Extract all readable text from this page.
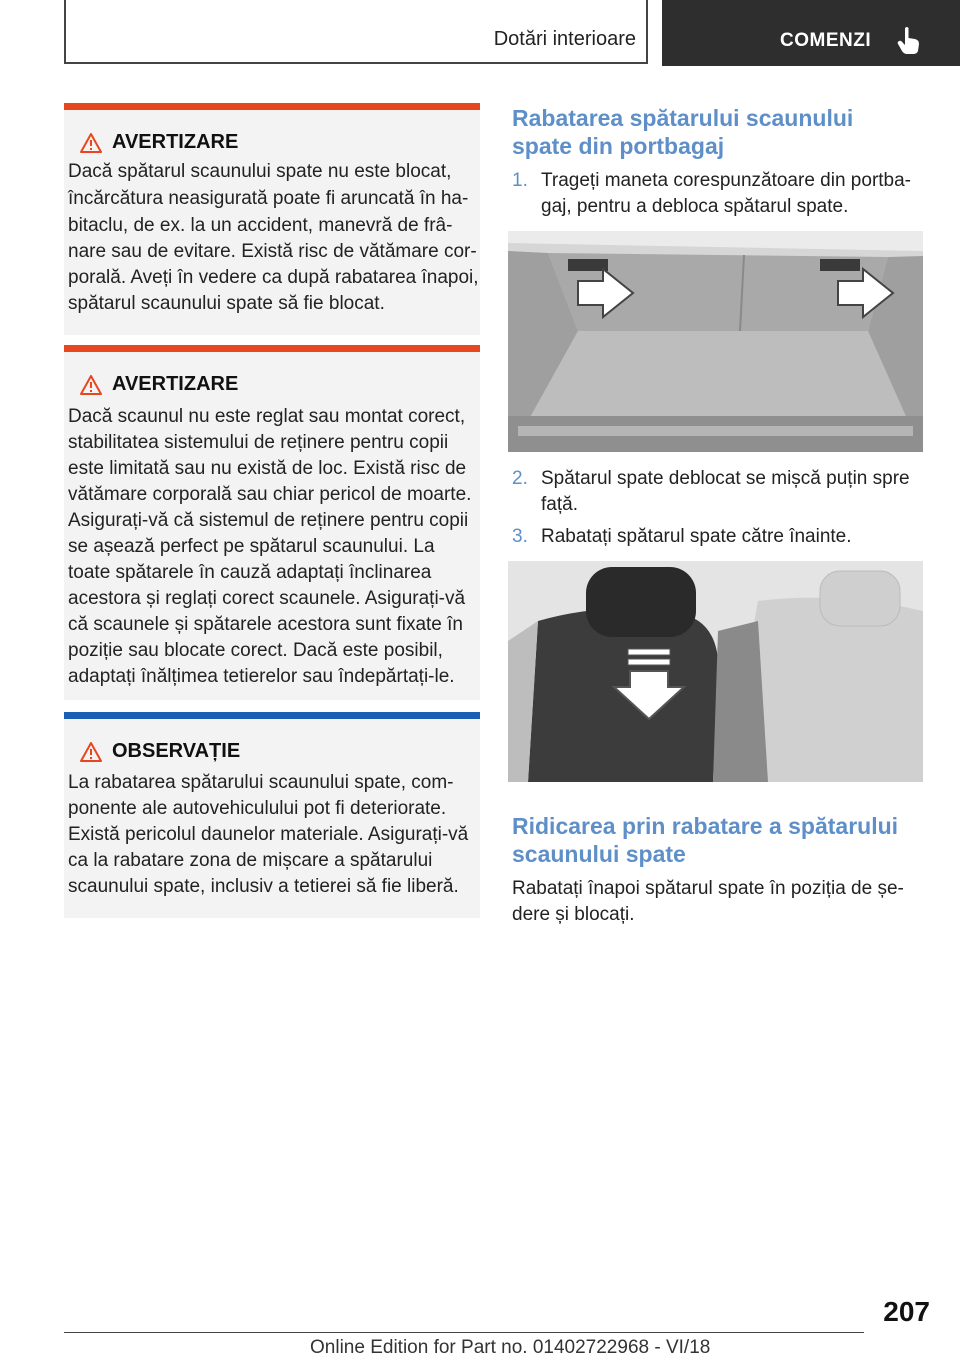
Dotări interioare	COMENZI
AVERTIZARE
Dacă spătarul scaunului spate nu este blocat,
încărcătura neasigurată poate fi aruncată în ha‐
bitaclu, de ex. la un accident, manevră de frâ‐
nare sau de evitare. Există risc de vătămare cor‐
porală. Aveți în vedere ca după rabatarea înapoi,
spătarul scaunului spate să fie blocat.
AVERTIZARE
Dacă scaunul nu este reglat sau montat corect,
stabilitatea sistemului de reținere pentru copii
este limitată sau nu există de loc. Există risc de
vătămare corporală sau chiar pericol de moarte.
Asigurați‐vă că sistemul de reținere pentru copii
se așează perfect pe spătarul scaunului. La
toate spătarele în cauză adaptați înclinarea
acestora și reglați corect scaunele. Asigurați‐vă
că scaunele și spătarele acestora sunt fixate în
poziție sau blocate corect. Dacă este posibil,
adaptați înălțimea tetierelor sau îndepărtați‐le.
OBSERVAȚIE
La rabatarea spătarului scaunului spate, com‐
ponente ale autovehiculului pot fi deteriorate.
Există pericolul daunelor materiale. Asigurați‐vă
ca la rabatare zona de mișcare a spătarului
scaunului spate, inclusiv a tetierei să fie liberă.
Rabatarea spătarului scaunului
spate din portbagaj
1. Trageți maneta corespunzătoare din portba‐
gaj, pentru a debloca spătarul spate.
2. Spătarul spate deblocat se mișcă puțin spre
față.
3. Rabatați spătarul spate către înainte.
Ridicarea prin rabatare a spătarului
scaunului spate
Rabatați înapoi spătarul spate în poziția de șe‐
dere și blocați.
207
Online Edition for Part no. 01402722968 - VI/18
